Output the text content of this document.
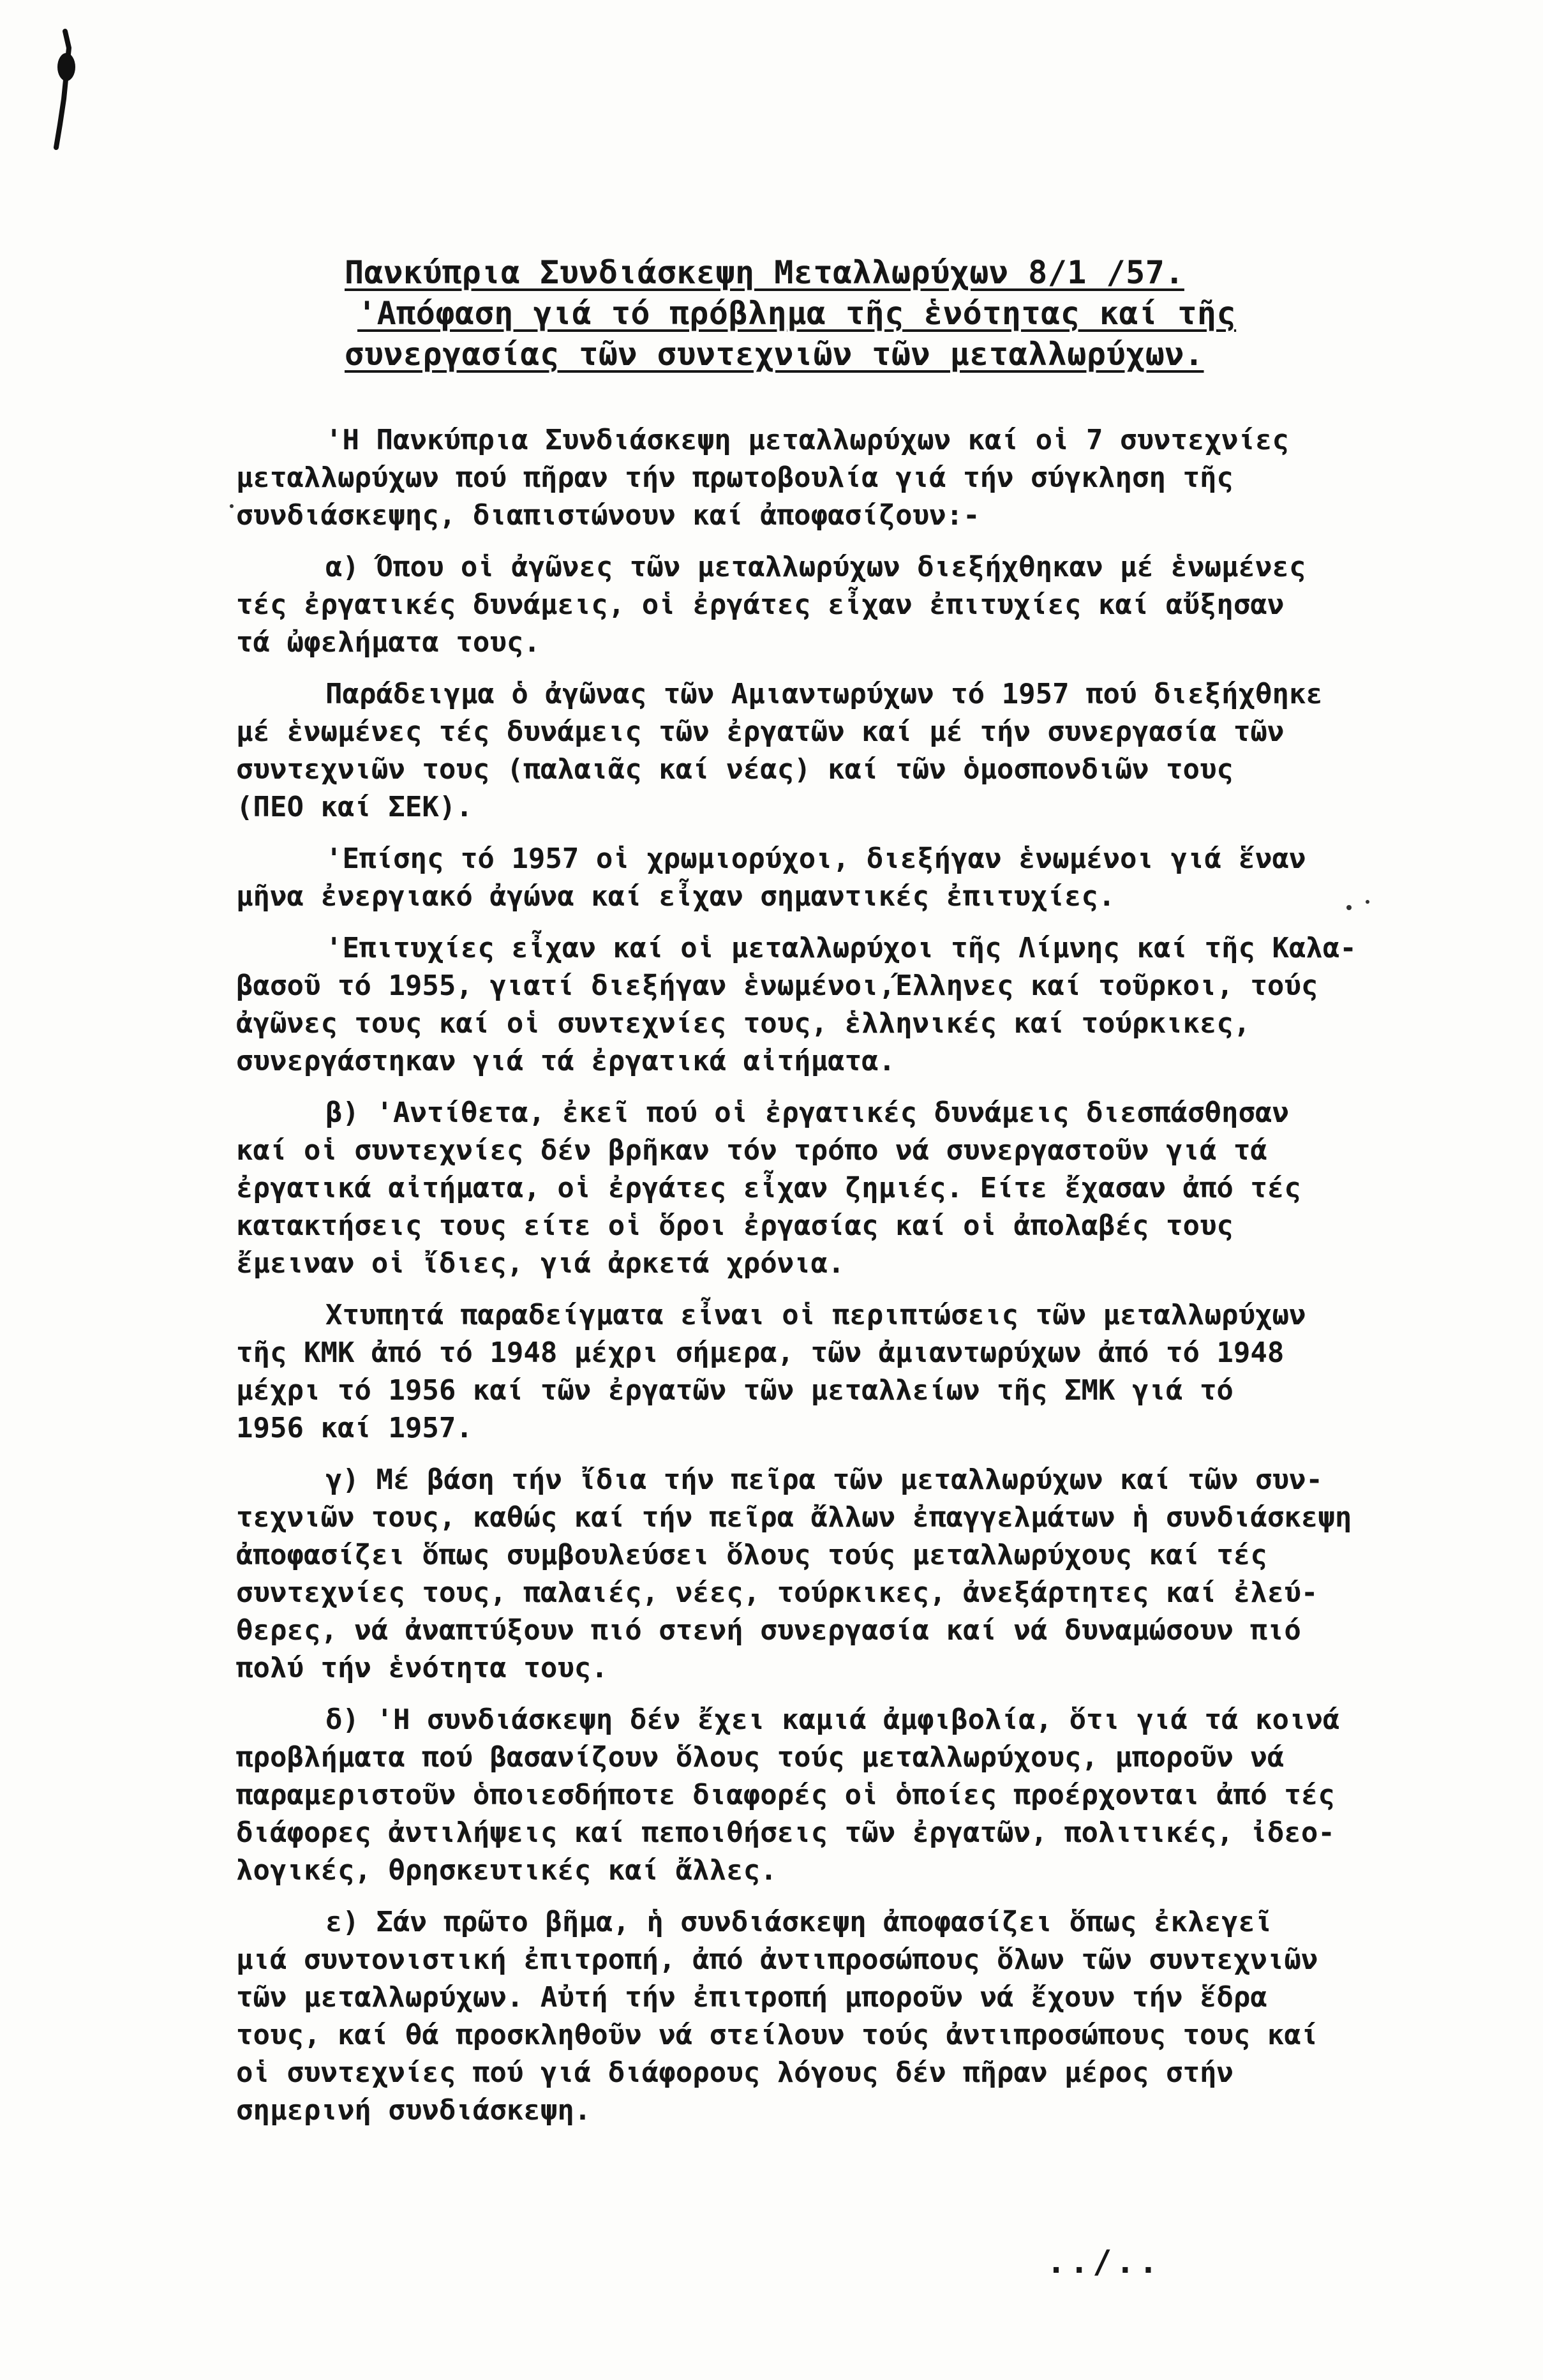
Πανκύπρια Συνδιάσκεψη Μεταλλωρύχων 8/1 /57.
'Απόφαση γιά τό πρόβλημα τῆς ἑνότητας καί τῆς
συνεργασίας τῶν συντεχνιῶν τῶν μεταλλωρύχων.
'Η Πανκύπρια Συνδιάσκεψη μεταλλωρύχων καί οἱ 7 συντεχνίες
μεταλλωρύχων πού πῆραν τήν πρωτοβουλία γιά τήν σύγκληση τῆς
συνδιάσκεψης, διαπιστώνουν καί ἀποφασίζουν:-
α) Όπου οἱ ἀγῶνες τῶν μεταλλωρύχων διεξήχθηκαν μέ ἑνωμένες
τές ἐργατικές δυνάμεις, οἱ ἐργάτες εἶχαν ἐπιτυχίες καί αὔξησαν
τά ὠφελήματα τους.
Παράδειγμα ὁ ἀγῶνας τῶν Αμιαντωρύχων τό 1957 πού διεξήχθηκε
μέ ἑνωμένες τές δυνάμεις τῶν ἐργατῶν καί μέ τήν συνεργασία τῶν
συντεχνιῶν τους (παλαιᾶς καί νέας) καί τῶν ὁμοσπονδιῶν τους
(ΠΕΟ καί ΣΕΚ).
'Επίσης τό 1957 οἱ χρωμιορύχοι, διεξήγαν ἑνωμένοι γιά ἕναν
μῆνα ἐνεργιακό ἀγώνα καί εἶχαν σημαντικές ἐπιτυχίες.
'Επιτυχίες εἶχαν καί οἱ μεταλλωρύχοι τῆς Λίμνης καί τῆς Καλα-
βασοῦ τό 1955, γιατί διεξήγαν ἑνωμένοι,Έλληνες καί τοῦρκοι, τούς
ἀγῶνες τους καί οἱ συντεχνίες τους, ἑλληνικές καί τούρκικες,
συνεργάστηκαν γιά τά ἐργατικά αἰτήματα.
β) 'Αντίθετα, ἐκεῖ πού οἱ ἐργατικές δυνάμεις διεσπάσθησαν
καί οἱ συντεχνίες δέν βρῆκαν τόν τρόπο νά συνεργαστοῦν γιά τά
ἐργατικά αἰτήματα, οἱ ἐργάτες εἶχαν ζημιές. Είτε ἔχασαν ἀπό τές
κατακτήσεις τους είτε οἱ ὅροι ἐργασίας καί οἱ ἀπολαβές τους
ἔμειναν οἱ ἴδιες, γιά ἀρκετά χρόνια.
Χτυπητά παραδείγματα εἶναι οἱ περιπτώσεις τῶν μεταλλωρύχων
τῆς ΚΜΚ ἀπό τό 1948 μέχρι σήμερα, τῶν ἀμιαντωρύχων ἀπό τό 1948
μέχρι τό 1956 καί τῶν ἐργατῶν τῶν μεταλλείων τῆς ΣΜΚ γιά τό
1956 καί 1957.
γ) Μέ βάση τήν ἴδια τήν πεῖρα τῶν μεταλλωρύχων καί τῶν συν-
τεχνιῶν τους, καθώς καί τήν πεῖρα ἄλλων ἐπαγγελμάτων ἡ συνδιάσκεψη
ἀποφασίζει ὅπως συμβουλεύσει ὅλους τούς μεταλλωρύχους καί τές
συντεχνίες τους, παλαιές, νέες, τούρκικες, ἀνεξάρτητες καί ἐλεύ-
θερες, νά ἀναπτύξουν πιό στενή συνεργασία καί νά δυναμώσουν πιό
πολύ τήν ἑνότητα τους.
δ) 'Η συνδιάσκεψη δέν ἔχει καμιά ἀμφιβολία, ὅτι γιά τά κοινά
προβλήματα πού βασανίζουν ὅλους τούς μεταλλωρύχους, μποροῦν νά
παραμεριστοῦν ὁποιεσδήποτε διαφορές οἱ ὁποίες προέρχονται ἀπό τές
διάφορες ἀντιλήψεις καί πεποιθήσεις τῶν ἐργατῶν, πολιτικές, ἰδεο-
λογικές, θρησκευτικές καί ἄλλες.
ε) Σάν πρῶτο βῆμα, ἡ συνδιάσκεψη ἀποφασίζει ὅπως ἐκλεγεῖ
μιά συντονιστική ἐπιτροπή, ἀπό ἀντιπροσώπους ὅλων τῶν συντεχνιῶν
τῶν μεταλλωρύχων. Αὐτή τήν ἐπιτροπή μποροῦν νά ἔχουν τήν ἕδρα
τους, καί θά προσκληθοῦν νά στείλουν τούς ἀντιπροσώπους τους καί
οἱ συντεχνίες πού γιά διάφορους λόγους δέν πῆραν μέρος στήν
σημερινή συνδιάσκεψη.
../..
